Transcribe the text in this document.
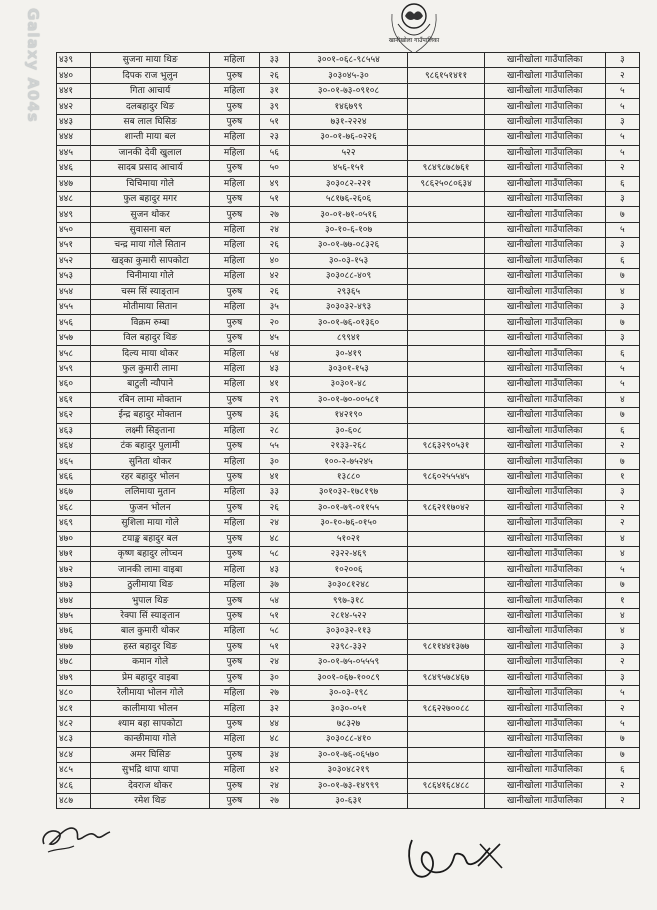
Galaxy A04s	खानीखोला गाउँपालिका
४३९	सुजना माया थिङ	महिला	३३	३००१-०६८-९८५५४		खानीखोला गाउँपालिका	३
४४०	दिपक राज भुलुन	पुरुष	२६	३०३०४५-३०	९८६१५१४११	खानीखोला गाउँपालिका	२
४४१	गिता आचार्य	महिला	३१	३०-०१-७३-०९१०८		खानीखोला गाउँपालिका	५
४४२	दलबहादुर थिङ	पुरुष	३९	१४६७९९		खानीखोला गाउँपालिका	५
४४३	सब लाल घिसिङ	पुरुष	५१	७३१-२२२४		खानीखोला गाउँपालिका	३
४४४	शान्ती माया बल	महिला	२३	३०-०१-७६-०२२६		खानीखोला गाउँपालिका	५
४४५	जानकी देवी खुलाल	महिला	५६	५२२		खानीखोला गाउँपालिका	५
४४६	सादब प्रसाद आचार्य	पुरुष	५०	४५६-१५१	९८४९८७८७६१	खानीखोला गाउँपालिका	२
४४७	चिचिमाया गोले	महिला	४९	३०३०८२-२२१	९८६२५०८०६३४	खानीखोला गाउँपालिका	६
४४८	फुल बहादुर मगर	पुरुष	५१	५८१७६-२६०६		खानीखोला गाउँपालिका	३
४४९	सुजन थोकर	पुरुष	२७	३०-०१-७१-०५१६		खानीखोला गाउँपालिका	७
४५०	सुवासना बल	महिला	२४	३०-१०-६-१०७		खानीखोला गाउँपालिका	५
४५१	चन्द्र माया गोले सितान	महिला	२६	३०-०१-७७-०८३२६		खानीखोला गाउँपालिका	३
४५२	खड्का कुमारी सापकोटा	महिला	४०	३०-०३-१५३		खानीखोला गाउँपालिका	६
४५३	चिनीमाया गोले	महिला	४२	३०३०८८-४०९		खानीखोला गाउँपालिका	७
४५४	चस्म सिं स्याङ्तान	पुरुष	२६	२९३६५		खानीखोला गाउँपालिका	४
४५५	मोतीमाया सितान	महिला	३५	३०३०३२-४९३		खानीखोला गाउँपालिका	३
४५६	विक्रम रुम्बा	पुरुष	२०	३०-०१-७६-०१३६०		खानीखोला गाउँपालिका	७
४५७	विल बहादुर थिङ	पुरुष	४५	८९९४१		खानीखोला गाउँपालिका	३
४५८	दिल्य माया थोकर	महिला	५४	३०-४१९		खानीखोला गाउँपालिका	६
४५९	फुल कुमारी लामा	महिला	४३	३०३०१-१५३		खानीखोला गाउँपालिका	५
४६०	बाटुली न्यौपाने	महिला	४१	३०३०१-४८		खानीखोला गाउँपालिका	५
४६१	रबिन लामा मोक्तान	पुरुष	२९	३०-०१-७०-००५८१		खानीखोला गाउँपालिका	४
४६२	ईन्द्र बहादुर मोक्तान	पुरुष	३६	१४२१९०		खानीखोला गाउँपालिका	७
४६३	लक्ष्मी सिङ्ताना	महिला	२८	३०-६०८		खानीखोला गाउँपालिका	६
४६४	टंक बहादुर पुलामी	पुरुष	५५	२१३३-२६८	९८६३२९०५३१	खानीखोला गाउँपालिका	२
४६५	सुनिता थोकर	महिला	३०	१००-२-७५२४५		खानीखोला गाउँपालिका	७
४६६	रहर बहादुर भोलन	पुरुष	४१	१३८८०	९८६०२५५५४५	खानीखोला गाउँपालिका	१
४६७	ललिमाया मुतान	महिला	३३	३०१०३२-१७८१९७		खानीखोला गाउँपालिका	३
४६८	फुजन भोलन	पुरुष	२६	३०-०१-७९-०११५५	९८६२११७०४२	खानीखोला गाउँपालिका	२
४६९	सुशिला माया गोले	महिला	२४	३०-१०-७६-०१५०		खानीखोला गाउँपालिका	२
४७०	टयाङ्क बहादुर बल	पुरुष	४८	५१०२१		खानीखोला गाउँपालिका	४
४७१	कृष्ण बहादुर लोप्चन	पुरुष	५८	२३२२-४६९		खानीखोला गाउँपालिका	४
४७२	जानकी लामा वाइबा	महिला	४३	१०२००६		खानीखोला गाउँपालिका	५
४७३	ठुलीमाया थिङ	महिला	३७	३०३०८१२४८		खानीखोला गाउँपालिका	७
४७४	भुपाल थिङ	पुरुष	५४	९९७-३१८		खानीखोला गाउँपालिका	१
४७५	रेक्पा सिं स्याङ्तान	पुरुष	५१	२८१४-५२२		खानीखोला गाउँपालिका	४
४७६	बाल कुमारी थोकर	महिला	५८	३०३०३२-११३		खानीखोला गाउँपालिका	४
४७७	हस्त बहादुर थिङ	पुरुष	५१	२३९८-३३२	९८११४४१३७७	खानीखोला गाउँपालिका	३
४७८	कमान गोले	पुरुष	२४	३०-०१-७५-०५५५९		खानीखोला गाउँपालिका	२
४७९	प्रेम बहादुर वाइबा	पुरुष	३०	३००१-०६७-१००८९	९८४९५७८४६७	खानीखोला गाउँपालिका	३
४८०	रेलीमाया भोलन गोले	महिला	२७	३०-०३-१९८		खानीखोला गाउँपालिका	५
४८१	कालीमाया भोलन	महिला	३२	३०३०-०५१	९८६२२७००८८	खानीखोला गाउँपालिका	२
४८२	श्याम बहा सापकोटा	पुरुष	४४	७८३२७		खानीखोला गाउँपालिका	५
४८३	कान्छीमाया गोले	महिला	४८	३०३०८८-४१०		खानीखोला गाउँपालिका	७
४८४	अमर घिसिङ	पुरुष	३४	३०-०१-७६-०६५७०		खानीखोला गाउँपालिका	७
४८५	सुभद्रि थापा थापा	महिला	४२	३०३०४८२१९		खानीखोला गाउँपालिका	६
४८६	देवराज थोकर	पुरुष	२४	३०-०१-७३-१४९९९	९८६४१६८४८८	खानीखोला गाउँपालिका	२
४८७	रमेश थिङ	पुरुष	२७	३०-६३१		खानीखोला गाउँपालिका	२
